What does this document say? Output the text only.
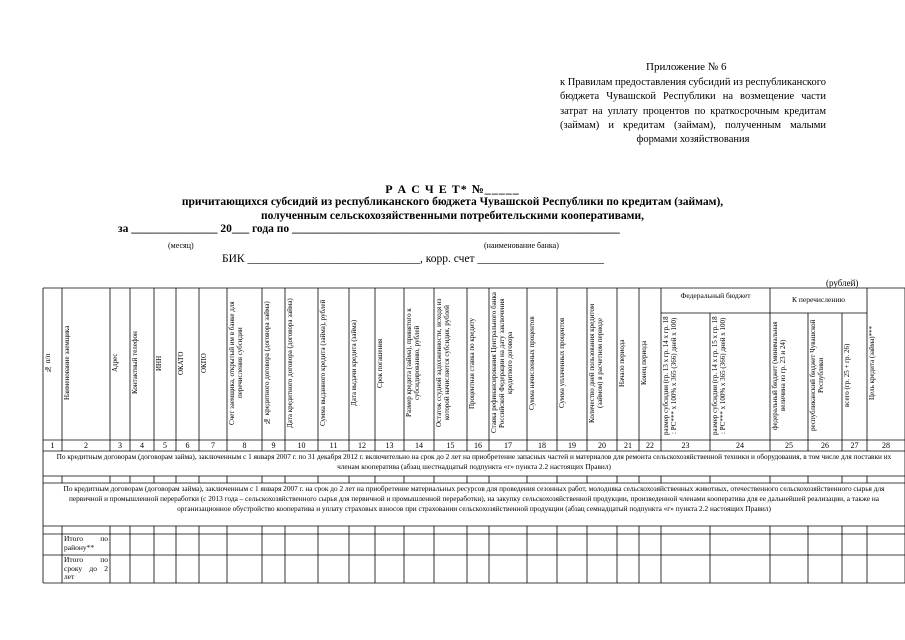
Приложение № 6
к Правилам предоставления субсидий из республиканского бюджета Чувашской Республики на возмещение части затрат на уплату процентов по краткосрочным кредитам (займам) и кредитам (займам), полученным малыми формами хозяйствования
Р А С Ч Е Т* №_____
причитающихся субсидий из республиканского бюджета Чувашской Республики по кредитам (займам),
полученным сельскохозяйственными потребительскими кооперативами,
за _______________ 20___ года по _________________________________________________________
(месяц)	(наименование банка)
БИК ______________________________, корр. счет ______________________
(рублей)
№ п/п	Наименование заемщика	Адрес	Контактный телефон	ИНН	ОКАТО	ОКПО	Счет заемщика, открытый им в банке для перечисления субсидии	№ кредитного договора (договора займа)	Дата кредитного договора (договора займа)	Сумма выданного кредита (займа), рублей	Дата выдачи кредита (займа)	Срок погашения	Размер кредита (займа), принятого к субсидированию, рублей	Остаток ссудной задолженности, исходя из которой начисляется субсидия, рублей	Процентная ставка по кредиту	Ставка рефинансирования Центрального банка Российской Федерации на дату заключения кредитного договора	Сумма начисленных процентов	Сумма уплаченных процентов	Количество дней пользования кредитом (займом) в расчетном периоде	Начало периода	Конец периода	размер субсидии (гр. 13 x гр. 14 x гр. 18 : РС*** x 100% x 365 (366) дней x 100)	размер субсидии (гр. 14 x гр. 15 x гр. 18 : РС*** x 100% x 365 (366) дней x 100)	федеральный бюджет (минимальная величина из гр. 23 и 24)	республиканский бюджет Чувашской Республики	всего (гр. 25 + гр. 26)	Цель кредита (займа)***
Федеральный бюджет	К перечислению
1	2	3	4	5	6	7	8	9	10	11	12	13	14	15	16	17	18	19	20	21	22	23	24	25	26	27	28
По кредитным договорам (договорам займа), заключенным с 1 января 2007 г. по 31 декабря 2012 г. включительно на срок до 2 лет на приобретение запасных частей и материалов для ремонта сельскохозяйственной техники и оборудования, в том числе для поставки их членам кооператива (абзац шестнадцатый подпункта «г» пункта 2.2 настоящих Правил)
По кредитным договорам (договорам займа), заключенным с 1 января 2007 г. на срок до 2 лет на приобретение материальных ресурсов для проведения сезонных работ, молодняка сельскохозяйственных животных, отечественного сельскохозяйственного сырья для первичной и промышленной переработки (с 2013 года – сельскохозяйственного сырья для первичной и промышленной переработки), на закупку сельскохозяйственной продукции, произведенной членами кооператива для ее дальнейшей реализации, а также на организационное обустройство кооператива и уплату страховых взносов при страховании сельскохозяйственной продукции (абзац семнадцатый подпункта «г» пункта 2.2 настоящих Правил)
Итого по району**
Итого по сроку до 2 лет
